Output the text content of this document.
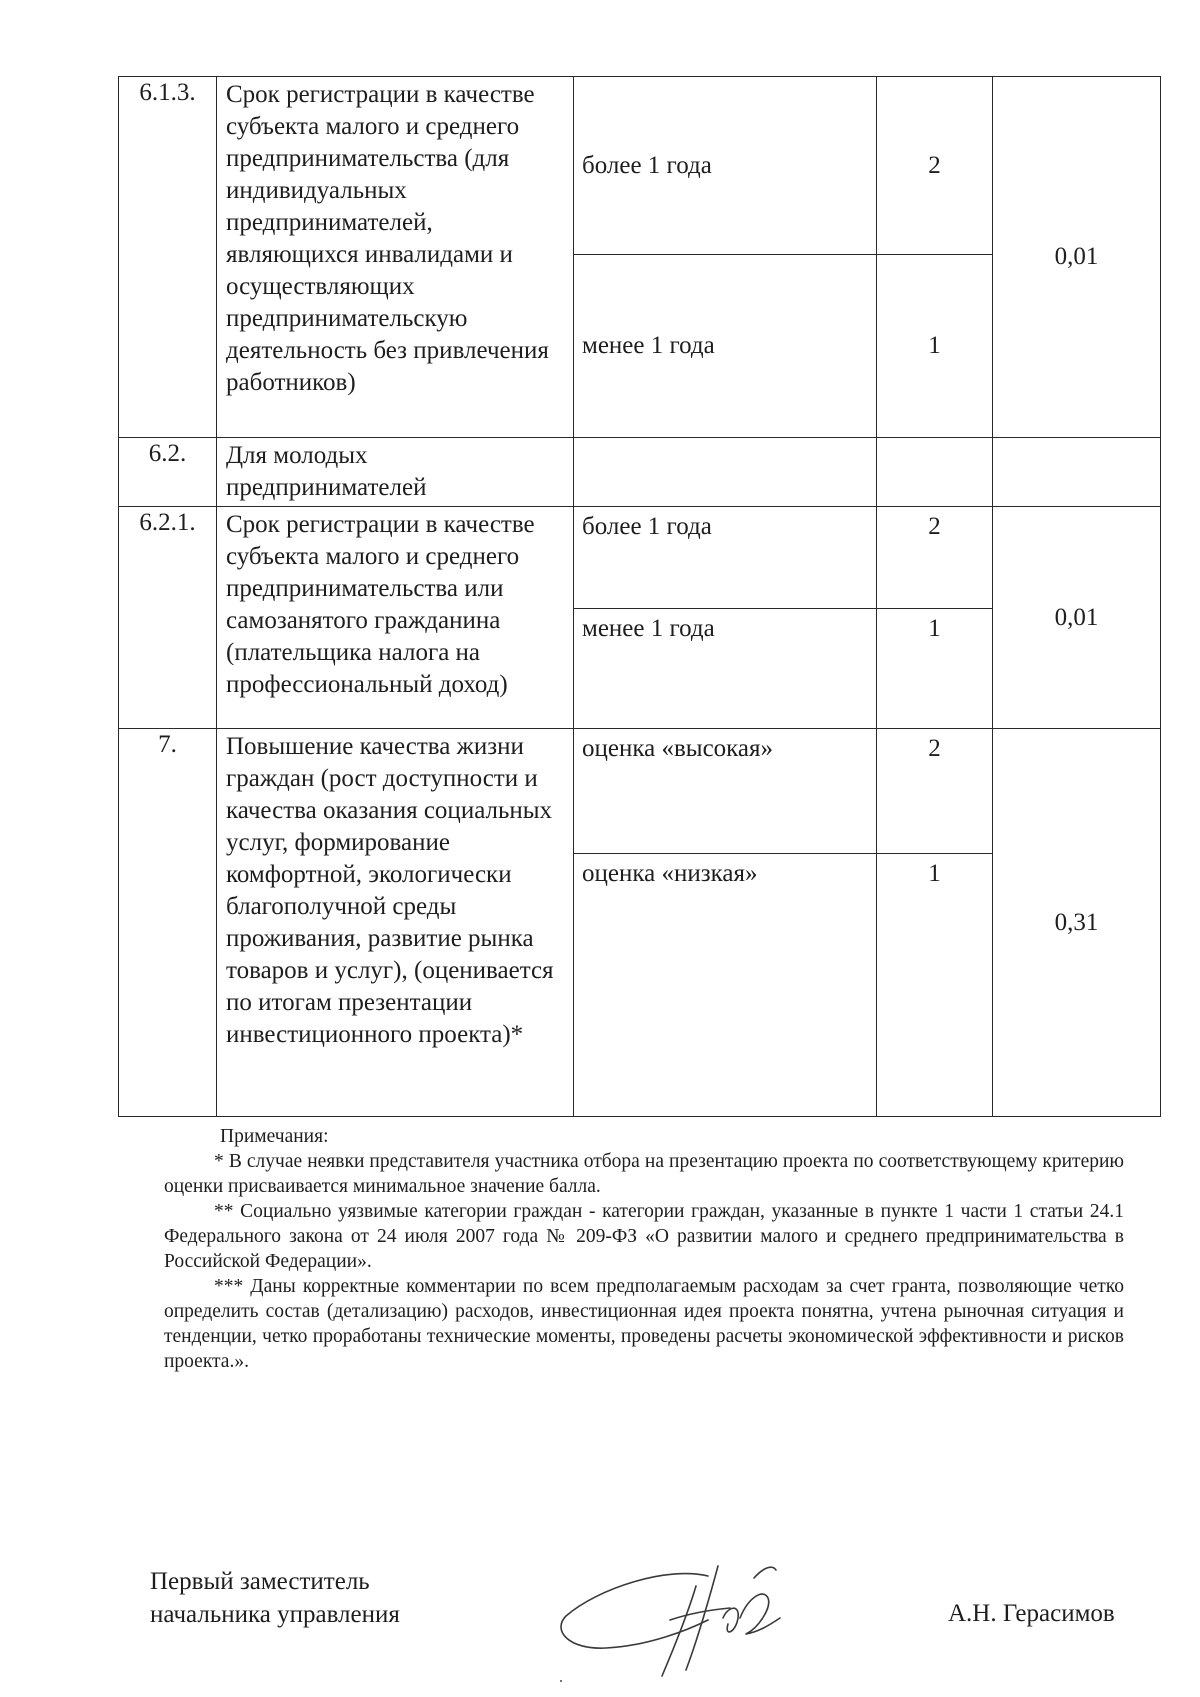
6.1.3.	Срок регистрации в качестве субъекта малого и среднего предпринимательства (для индивидуальных предпринимателей, являющихся инвалидами и осуществляющих предпринимательскую деятельность без привлечения работников)	более 1 года	2	0,01
		менее 1 года	1	
6.2.	Для молодых предпринимателей			
6.2.1.	Срок регистрации в качестве субъекта малого и среднего предпринимательства или самозанятого гражданина (плательщика налога на профессиональный доход)	более 1 года	2	0,01
		менее 1 года	1	
7.	Повышение качества жизни граждан (рост доступности и качества оказания социальных услуг, формирование комфортной, экологически благополучной среды проживания, развитие рынка товаров и услуг), (оценивается по итогам презентации инвестиционного проекта)*	оценка «высокая»	2	0,31
		оценка «низкая»	1	

Примечания:

* В случае неявки представителя участника отбора на презентацию проекта по соответствующему критерию оценки присваивается минимальное значение балла.

** Социально уязвимые категории граждан - категории граждан, указанные в пункте 1 части 1 статьи 24.1 Федерального закона от 24 июля 2007 года № 209-ФЗ «О развитии малого и среднего предпринимательства в Российской Федерации».

*** Даны корректные комментарии по всем предполагаемым расходам за счет гранта, позволяющие четко определить состав (детализацию) расходов, инвестиционная идея проекта понятна, учтена рыночная ситуация и тенденции, четко проработаны технические моменты, проведены расчеты экономической эффективности и рисков проекта.».

Первый заместитель
начальника управления	А.Н. Герасимов
